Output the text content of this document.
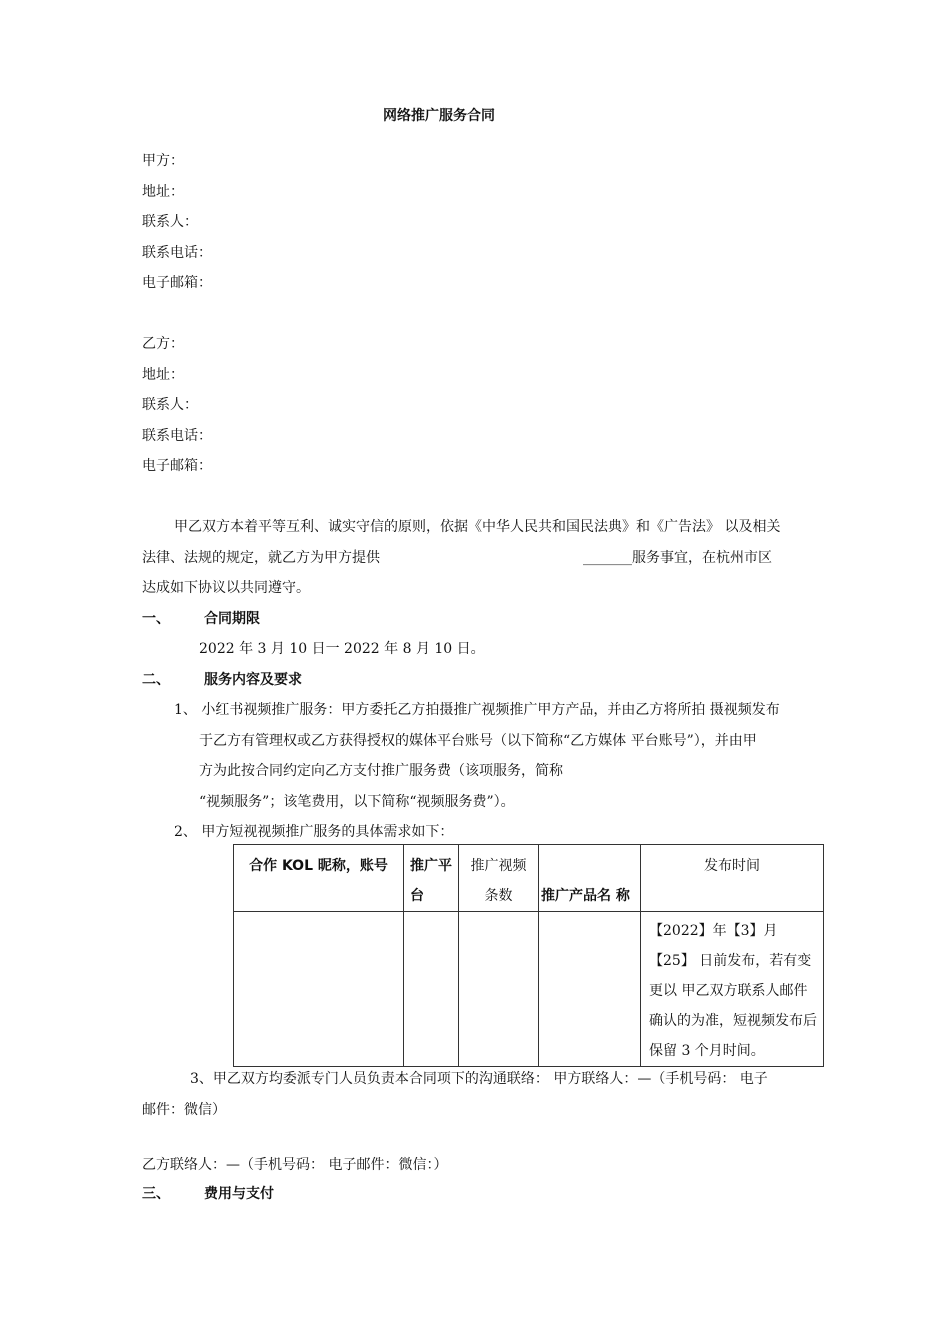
网络推广服务合同
甲方：
地址：
联系人：
联系电话：
电子邮箱：
乙方：
地址：
联系人：
联系电话：
电子邮箱：
甲乙双方本着平等互利、诚实守信的原则，依据《中华人民共和国民法典》和《广告法》 以及相关
法律、法规的规定，就乙方为甲方提供	_______服务事宜，在杭州市区
达成如下协议以共同遵守。
一、 合同期限
2022 年 3 月 10 日一 2022 年 8 月 10 日。
二、 服务内容及要求
1、 小红书视频推广服务：甲方委托乙方拍摄推广视频推广甲方产品，并由乙方将所拍 摄视频发布
于乙方有管理权或乙方获得授权的媒体平台账号（以下简称“乙方媒体 平台账号”），并由甲
方为此按合同约定向乙方支付推广服务费（该项服务，简称
“视频服务”；该笔费用，以下简称“视频服务费”）。
2、 甲方短视视频推广服务的具体需求如下：
合作 KOL 昵称，账号	推广平台	推广视频条数	推广产品名 称	发布时间

				【2022】年【3】月【25】 日前发布，若有变更以 甲乙双方联系人邮件 确认的为准，短视频发布后保留 3 个月时间。
3、甲乙双方均委派专门人员负责本合同项下的沟通联络： 甲方联络人：—（手机号码： 电子
邮件：微信）
乙方联络人：—（手机号码： 电子邮件：微信：）
三、 费用与支付
